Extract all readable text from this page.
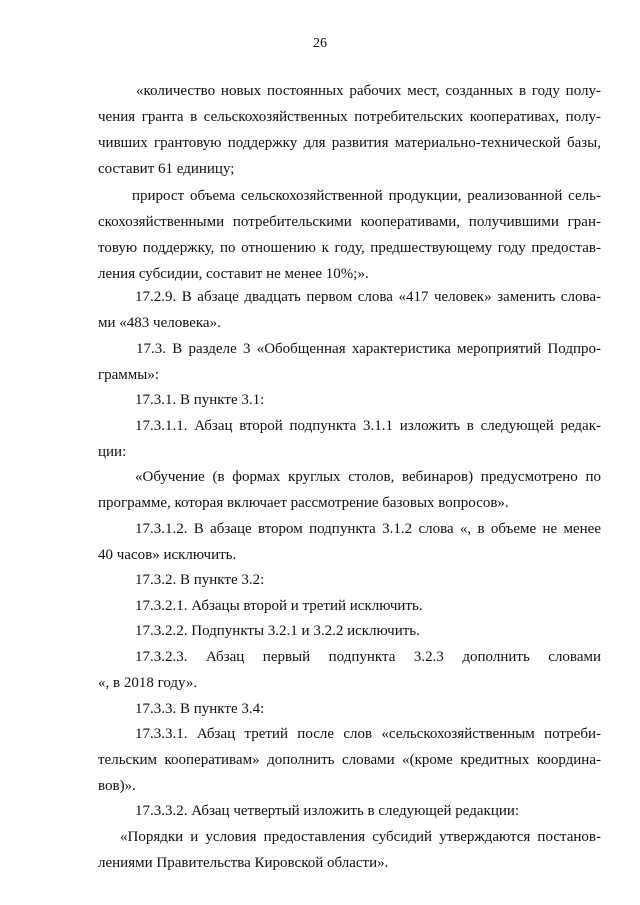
26
«количество новых постоянных рабочих мест, созданных в году полу-
чения гранта в сельскохозяйственных потребительских кооперативах, полу-
чивших грантовую поддержку для развития материально-технической базы,
составит 61 единицу;
прирост объема сельскохозяйственной продукции, реализованной сель-
скохозяйственными потребительскими кооперативами, получившими гран-
товую поддержку, по отношению к году, предшествующему году предостав-
ления субсидии, составит не менее 10%;».
17.2.9. В абзаце двадцать первом слова «417 человек» заменить слова-
ми «483 человека».
17.3. В разделе 3 «Обобщенная характеристика мероприятий Подпро-
граммы»:
17.3.1. В пункте 3.1:
17.3.1.1. Абзац второй подпункта 3.1.1 изложить в следующей редак-
ции:
«Обучение (в формах круглых столов, вебинаров) предусмотрено по
программе, которая включает рассмотрение базовых вопросов».
17.3.1.2. В абзаце втором подпункта 3.1.2 слова «, в объеме не менее
40 часов» исключить.
17.3.2. В пункте 3.2:
17.3.2.1. Абзацы второй и третий исключить.
17.3.2.2. Подпункты 3.2.1 и 3.2.2 исключить.
17.3.2.3. Абзац первый подпункта 3.2.3 дополнить словами
«, в 2018 году».
17.3.3. В пункте 3.4:
17.3.3.1. Абзац третий после слов «сельскохозяйственным потреби-
тельским кооперативам» дополнить словами «(кроме кредитных координа-
вов)».
17.3.3.2. Абзац четвертый изложить в следующей редакции:
«Порядки и условия предоставления субсидий утверждаются постанов-
лениями Правительства Кировской области».
